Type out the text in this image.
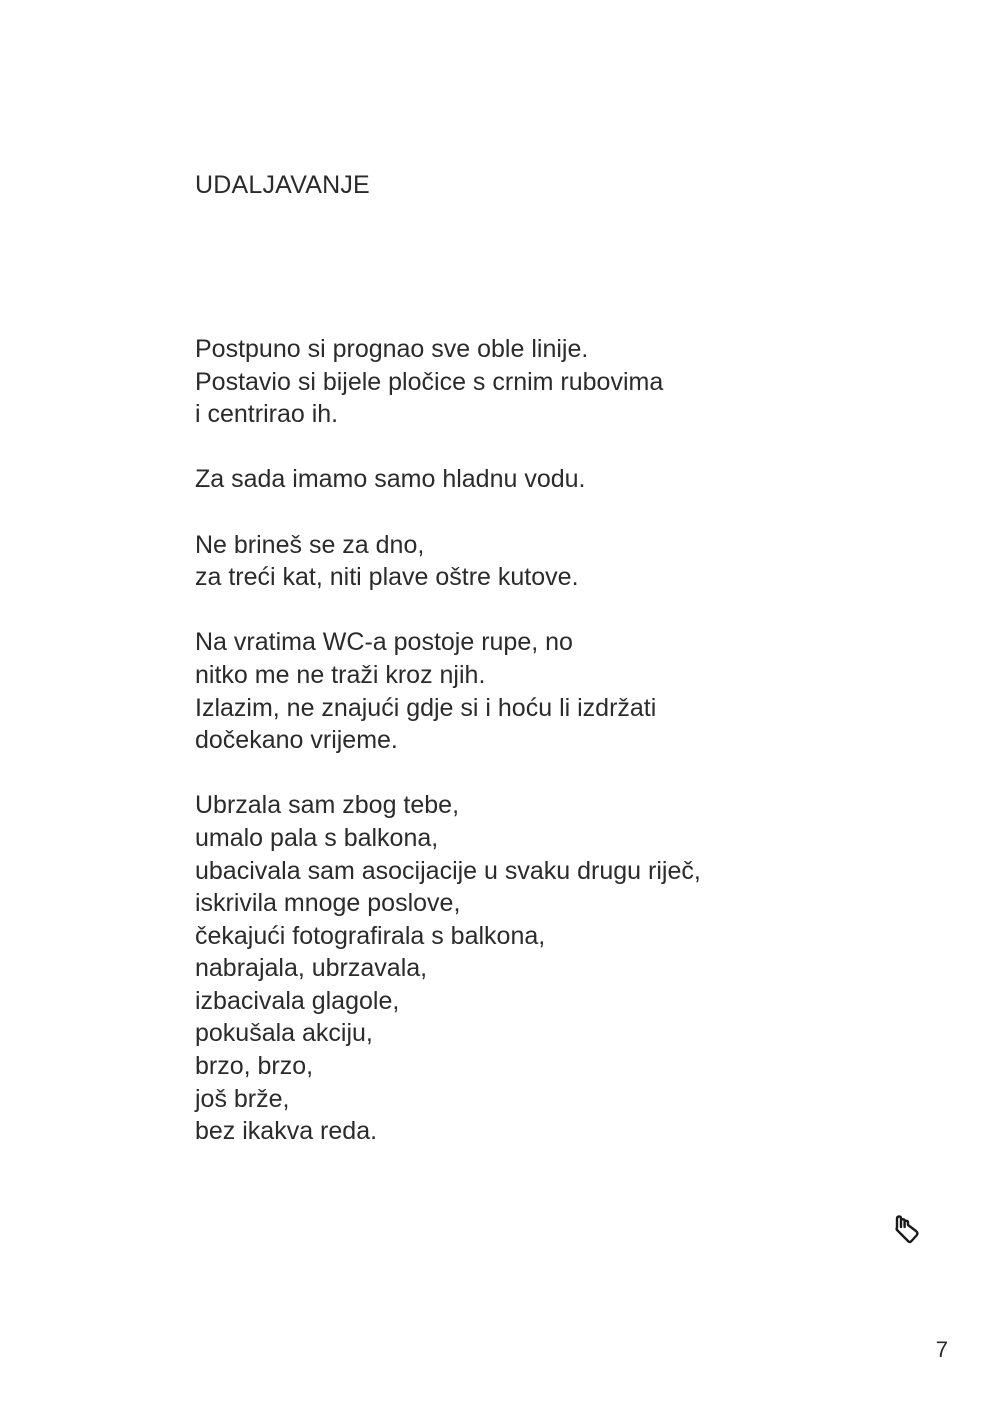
UDALJAVANJE
Postpuno si prognao sve oble linije.
Postavio si bijele pločice s crnim rubovima
i centrirao ih.
Za sada imamo samo hladnu vodu.
Ne brineš se za dno,
za treći kat, niti plave oštre kutove.
Na vratima WC-a postoje rupe, no
nitko me ne traži kroz njih.
Izlazim, ne znajući gdje si i hoću li izdržati
dočekano vrijeme.
Ubrzala sam zbog tebe,
umalo pala s balkona,
ubacivala sam asocijacije u svaku drugu riječ,
iskrivila mnoge poslove,
čekajući fotografirala s balkona,
nabrajala, ubrzavala,
izbacivala glagole,
pokušala akciju,
brzo, brzo,
još brže,
bez ikakva reda.
7
